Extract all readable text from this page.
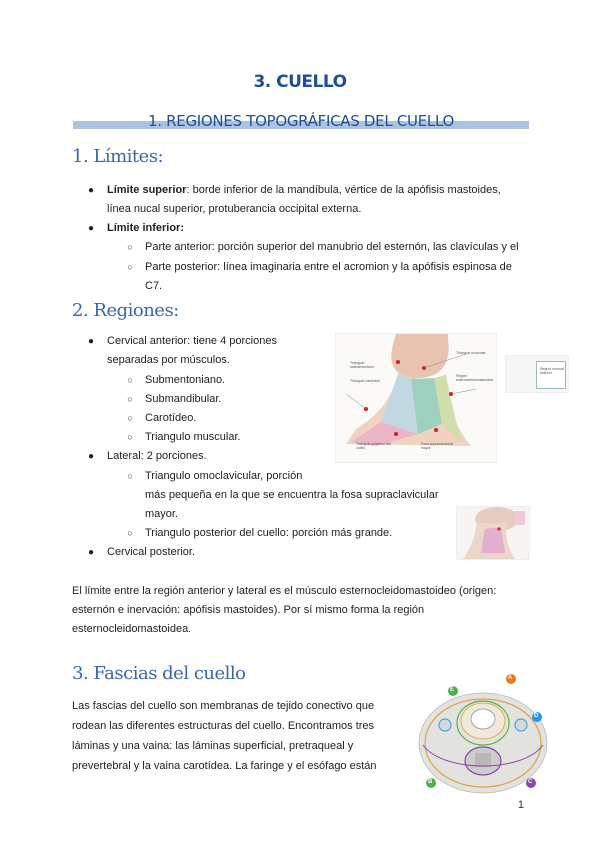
3. CUELLO
1. REGIONES TOPOGRÁFICAS DEL CUELLO
1. Límites:
● Límite superior: borde inferior de la mandíbula, vértice de la apófisis mastoides,
línea nucal superior, protuberancia occipital externa.
● Límite inferior:
○ Parte anterior: porción superior del manubrio del esternón, las clavículas y el
○ Parte posterior: línea imaginaria entre el acromion y la apófisis espinosa de
C7.
2. Regiones:
● Cervical anterior: tiene 4 porciones
separadas por músculos.
○ Submentoniano.
○ Submandibular.
○ Carotídeo.
○ Triangulo muscular.
● Lateral: 2 porciones.
○ Triangulo omoclavicular, porción
más pequeña en la que se encuentra la fosa supraclavicular
mayor.
○ Triangulo posterior del cuello: porción más grande.
● Cervical posterior.
El límite entre la región anterior y lateral es el músculo esternocleidomastoideo (origen:
esternón e inervación: apófisis mastoides). Por sí mismo forma la región
esternocleidomastoidea.
Triángulo submentoniano
Triángulo carotídeo
Triángulo muscular
Región esternocleidomastoidea
Triángulo posterior del cuello
Fosa supraclavicular mayor
Región cervical anterior
3. Fascias del cuello
Las fascias del cuello son membranas de tejido conectivo que
rodean las diferentes estructuras del cuello. Encontramos tres
láminas y una vaina: las láminas superficial, pretraqueal y
prevertebral y la vaina carotídea. La faringe y el esófago están
E
A
D
C
B
1
